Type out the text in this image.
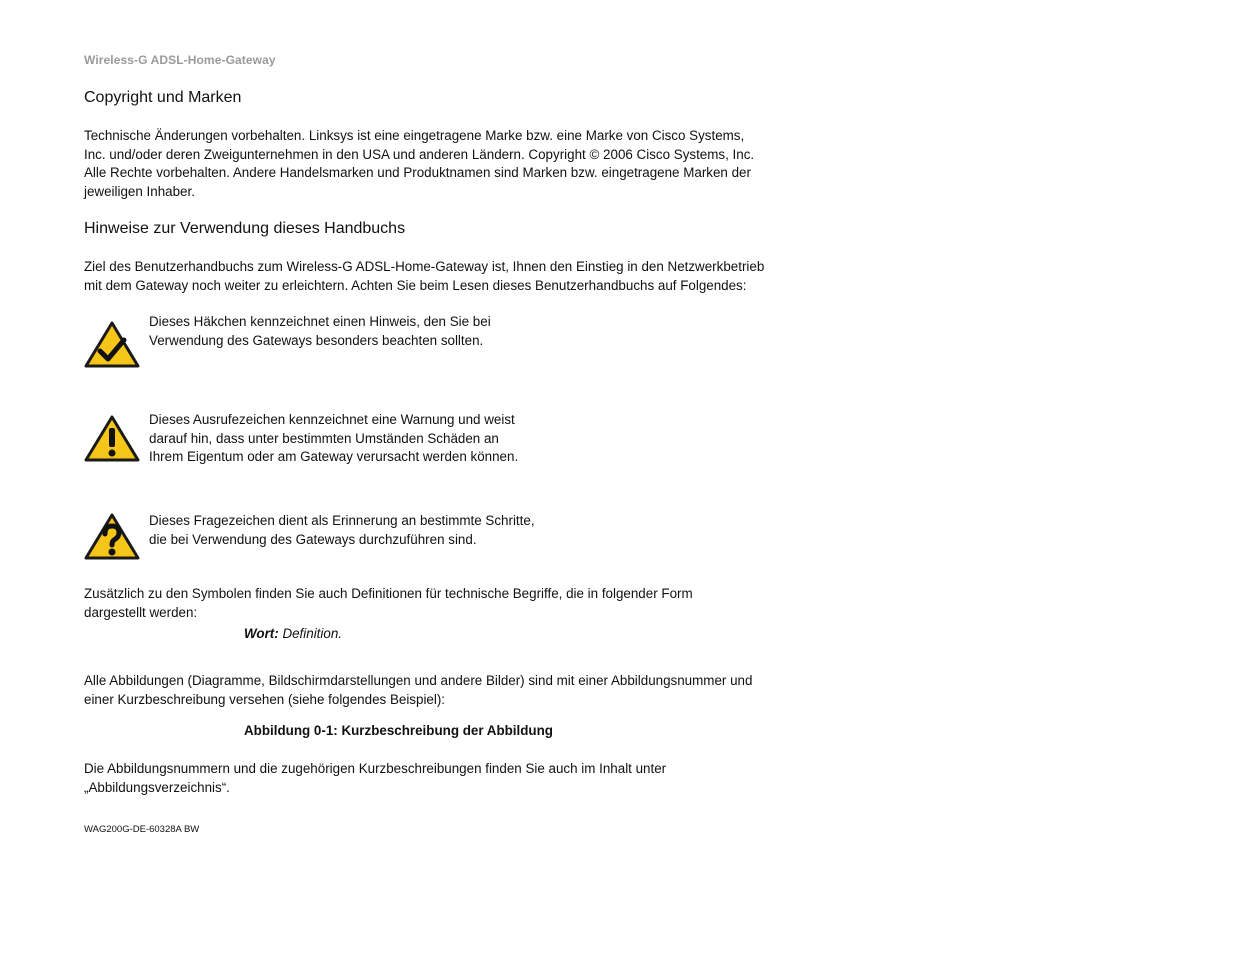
Wireless-G ADSL-Home-Gateway
Copyright und Marken
Technische Änderungen vorbehalten. Linksys ist eine eingetragene Marke bzw. eine Marke von Cisco Systems,
Inc. und/oder deren Zweigunternehmen in den USA und anderen Ländern. Copyright © 2006 Cisco Systems, Inc.
Alle Rechte vorbehalten. Andere Handelsmarken und Produktnamen sind Marken bzw. eingetragene Marken der
jeweiligen Inhaber.
Hinweise zur Verwendung dieses Handbuchs
Ziel des Benutzerhandbuchs zum Wireless-G ADSL-Home-Gateway ist, Ihnen den Einstieg in den Netzwerkbetrieb
mit dem Gateway noch weiter zu erleichtern. Achten Sie beim Lesen dieses Benutzerhandbuchs auf Folgendes:
Dieses Häkchen kennzeichnet einen Hinweis, den Sie bei
Verwendung des Gateways besonders beachten sollten.
Dieses Ausrufezeichen kennzeichnet eine Warnung und weist
darauf hin, dass unter bestimmten Umständen Schäden an
Ihrem Eigentum oder am Gateway verursacht werden können.
Dieses Fragezeichen dient als Erinnerung an bestimmte Schritte,
die bei Verwendung des Gateways durchzuführen sind.
Zusätzlich zu den Symbolen finden Sie auch Definitionen für technische Begriffe, die in folgender Form
dargestellt werden:
Wort: Definition.
Alle Abbildungen (Diagramme, Bildschirmdarstellungen und andere Bilder) sind mit einer Abbildungsnummer und
einer Kurzbeschreibung versehen (siehe folgendes Beispiel):
Abbildung 0-1: Kurzbeschreibung der Abbildung
Die Abbildungsnummern und die zugehörigen Kurzbeschreibungen finden Sie auch im Inhalt unter
„Abbildungsverzeichnis“.
WAG200G-DE-60328A BW
